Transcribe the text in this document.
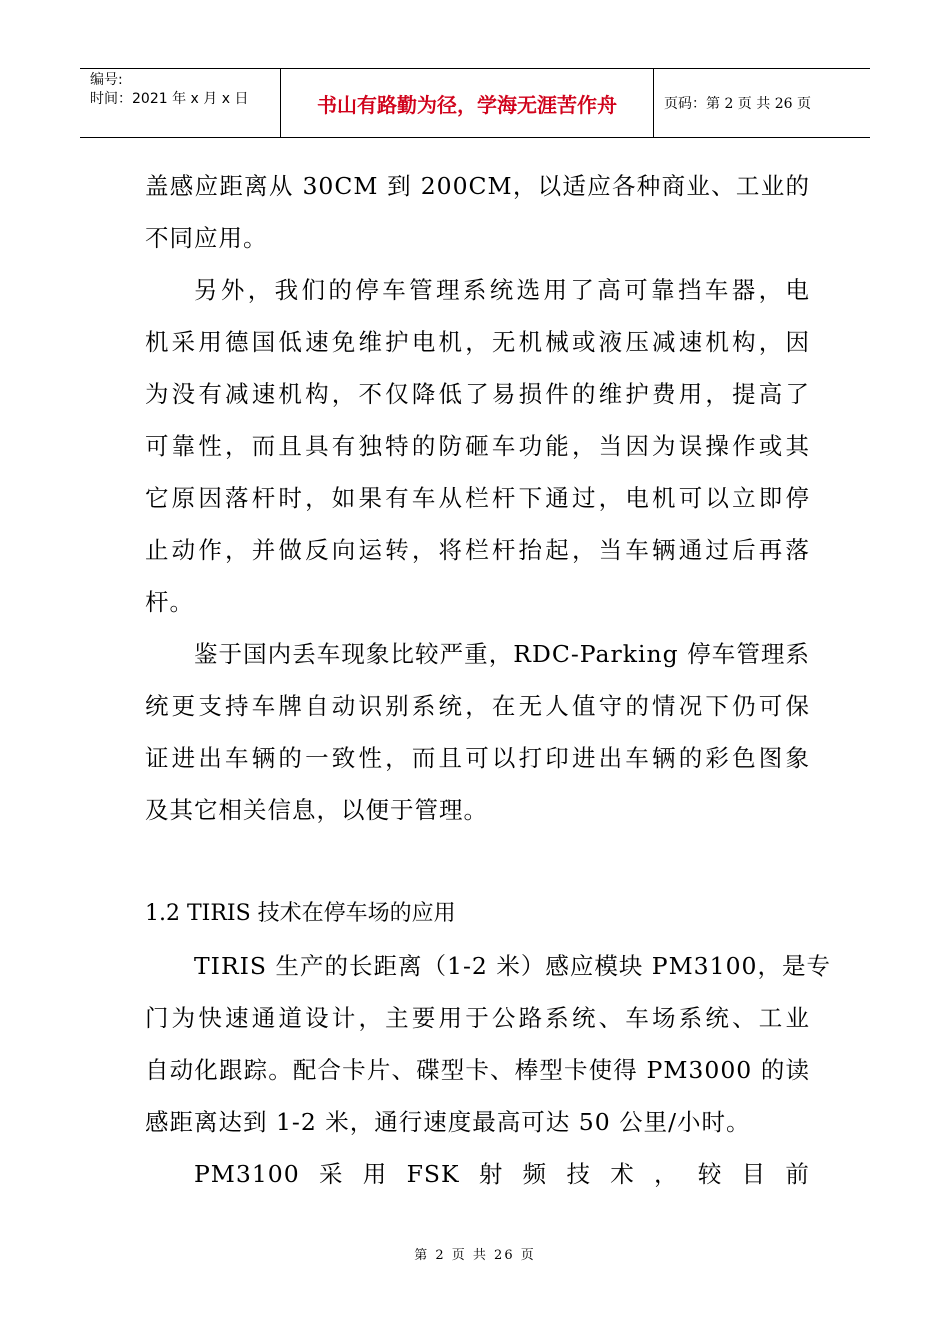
编号:
时间：2021 年 x 月 x 日	书山有路勤为径，学海无涯苦作舟	页码：第 2 页 共 26 页
盖感应距离从 30CM 到 200CM，以适应各种商业、工业的
不同应用。
另外，我们的停车管理系统选用了高可靠挡车器，电
机采用德国低速免维护电机，无机械或液压减速机构，因
为没有减速机构，不仅降低了易损件的维护费用，提高了
可靠性，而且具有独特的防砸车功能，当因为误操作或其
它原因落杆时，如果有车从栏杆下通过，电机可以立即停
止动作，并做反向运转，将栏杆抬起，当车辆通过后再落
杆。
鉴于国内丢车现象比较严重，RDC-Parking 停车管理系
统更支持车牌自动识别系统，在无人值守的情况下仍可保
证进出车辆的一致性，而且可以打印进出车辆的彩色图象
及其它相关信息，以便于管理。
1.2 TIRIS 技术在停车场的应用
TIRIS 生产的长距离（1-2 米）感应模块 PM3100，是专
门为快速通道设计，主要用于公路系统、车场系统、工业
自动化跟踪。配合卡片、碟型卡、棒型卡使得 PM3000 的读
感距离达到 1-2 米，通行速度最高可达 50 公里/小时。
PM3100 采 用 FSK 射 频 技 术 ， 较 目 前
第 2 页 共 26 页
